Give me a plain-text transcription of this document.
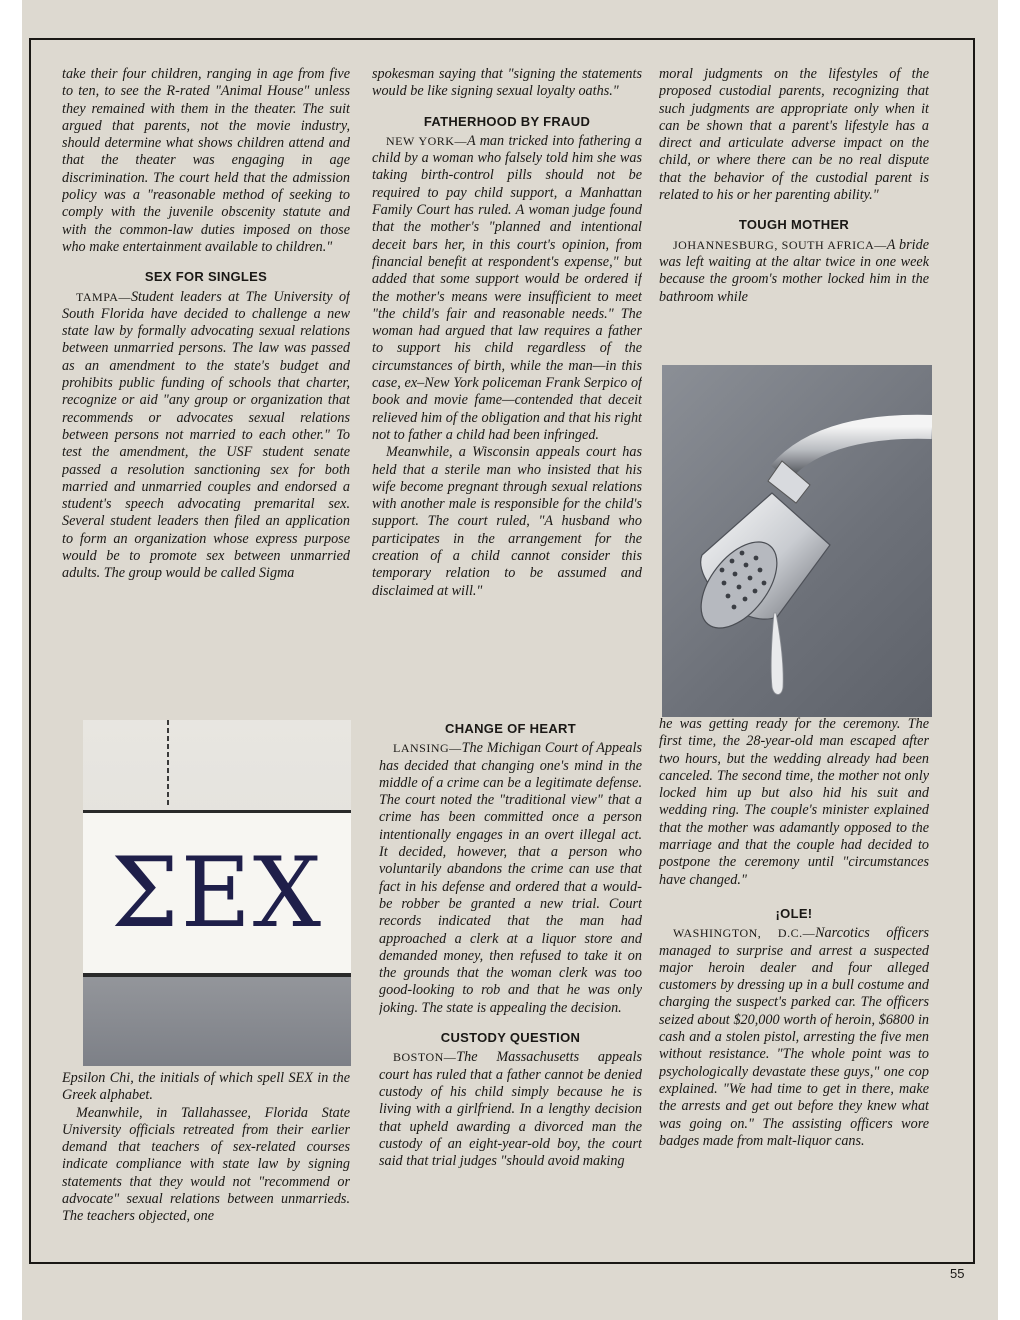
take their four children, ranging in age from five to ten, to see the R-rated "Animal House" unless they remained with them in the theater. The suit argued that parents, not the movie industry, should determine what shows children attend and that the theater was engaging in age discrimination. The court held that the admission policy was a "reasonable method of seeking to comply with the juvenile obscenity statute and with the common-law duties imposed on those who make entertainment available to children."

SEX FOR SINGLES

TAMPA—Student leaders at The University of South Florida have decided to challenge a new state law by formally advocating sexual relations between unmarried persons. The law was passed as an amendment to the state's budget and prohibits public funding of schools that charter, recognize or aid "any group or organization that recommends or advocates sexual relations between persons not married to each other." To test the amendment, the USF student senate passed a resolution sanctioning sex for both married and unmarried couples and endorsed a student's speech advocating premarital sex. Several student leaders then filed an application to form an organization whose express purpose would be to promote sex between unmarried adults. The group would be called Sigma

ΣΕΧ

Epsilon Chi, the initials of which spell SEX in the Greek alphabet.

Meanwhile, in Tallahassee, Florida State University officials retreated from their earlier demand that teachers of sex-related courses indicate compliance with state law by signing statements that they would not "recommend or advocate" sexual relations between unmarrieds. The teachers objected, one

spokesman saying that "signing the statements would be like signing sexual loyalty oaths."

FATHERHOOD BY FRAUD

NEW YORK—A man tricked into fathering a child by a woman who falsely told him she was taking birth-control pills should not be required to pay child support, a Manhattan Family Court has ruled. A woman judge found that the mother's "planned and intentional deceit bars her, in this court's opinion, from financial benefit at respondent's expense," but added that some support would be ordered if the mother's means were insufficient to meet "the child's fair and reasonable needs." The woman had argued that law requires a father to support his child regardless of the circumstances of birth, while the man—in this case, ex–New York policeman Frank Serpico of book and movie fame—contended that deceit relieved him of the obligation and that his right not to father a child had been infringed.

Meanwhile, a Wisconsin appeals court has held that a sterile man who insisted that his wife become pregnant through sexual relations with another male is responsible for the child's support. The court ruled, "A husband who participates in the arrangement for the creation of a child cannot consider this temporary relation to be assumed and disclaimed at will."

CHANGE OF HEART

LANSING—The Michigan Court of Appeals has decided that changing one's mind in the middle of a crime can be a legitimate defense. The court noted the "traditional view" that a crime has been committed once a person intentionally engages in an overt illegal act. It decided, however, that a person who voluntarily abandons the crime can use that fact in his defense and ordered that a would-be robber be granted a new trial. Court records indicated that the man had approached a clerk at a liquor store and demanded money, then refused to take it on the grounds that the woman clerk was too good-looking to rob and that he was only joking. The state is appealing the decision.

CUSTODY QUESTION

BOSTON—The Massachusetts appeals court has ruled that a father cannot be denied custody of his child simply because he is living with a girlfriend. In a lengthy decision that upheld awarding a divorced man the custody of an eight-year-old boy, the court said that trial judges "should avoid making

moral judgments on the lifestyles of the proposed custodial parents, recognizing that such judgments are appropriate only when it can be shown that a parent's lifestyle has a direct and articulate adverse impact on the child, or where there can be no real dispute that the behavior of the custodial parent is related to his or her parenting ability."

TOUGH MOTHER

JOHANNESBURG, SOUTH AFRICA—A bride was left waiting at the altar twice in one week because the groom's mother locked him in the bathroom while

he was getting ready for the ceremony. The first time, the 28-year-old man escaped after two hours, but the wedding already had been canceled. The second time, the mother not only locked him up but also hid his suit and wedding ring. The couple's minister explained that the mother was adamantly opposed to the marriage and that the couple had decided to postpone the ceremony until "circumstances have changed."

¡OLE!

WASHINGTON, D.C.—Narcotics officers managed to surprise and arrest a suspected major heroin dealer and four alleged customers by dressing up in a bull costume and charging the suspect's parked car. The officers seized about $20,000 worth of heroin, $6800 in cash and a stolen pistol, arresting the five men without resistance. "The whole point was to psychologically devastate these guys," one cop explained. "We had time to get in there, make the arrests and get out before they knew what was going on." The assisting officers wore badges made from malt-liquor cans.

55
